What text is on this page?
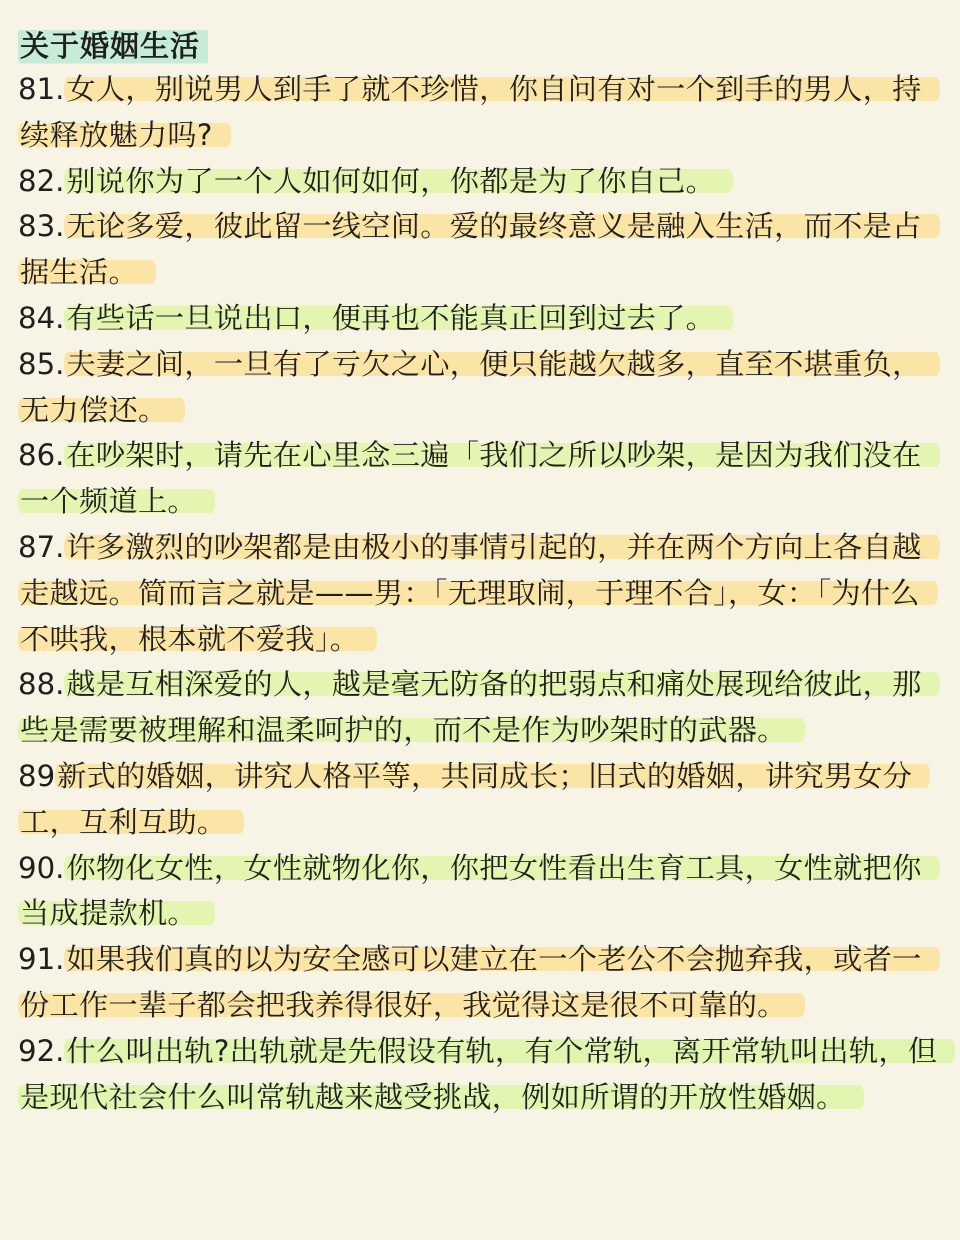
关于婚姻生活
81.女人，别说男人到手了就不珍惜，你自问有对一个到手的男人，持续释放魅力吗?
82.别说你为了一个人如何如何，你都是为了你自己。
83.无论多爱，彼此留一线空间。爱的最终意义是融入生活，而不是占据生活。
84.有些话一旦说出口，便再也不能真正回到过去了。
85.夫妻之间，一旦有了亏欠之心，便只能越欠越多，直至不堪重负，无力偿还。
86.在吵架时，请先在心里念三遍「我们之所以吵架，是因为我们没在一个频道上。
87.许多激烈的吵架都是由极小的事情引起的，并在两个方向上各自越走越远。简而言之就是——男：「无理取闹，于理不合」，女：「为什么不哄我，根本就不爱我」。
88.越是互相深爱的人，越是毫无防备的把弱点和痛处展现给彼此，那些是需要被理解和温柔呵护的，而不是作为吵架时的武器。
89新式的婚姻，讲究人格平等，共同成长；旧式的婚姻，讲究男女分工，互利互助。
90.你物化女性，女性就物化你，你把女性看出生育工具，女性就把你当成提款机。
91.如果我们真的以为安全感可以建立在一个老公不会抛弃我，或者一份工作一辈子都会把我养得很好，我觉得这是很不可靠的。
92.什么叫出轨?出轨就是先假设有轨，有个常轨，离开常轨叫出轨，但是现代社会什么叫常轨越来越受挑战，例如所谓的开放性婚姻。
